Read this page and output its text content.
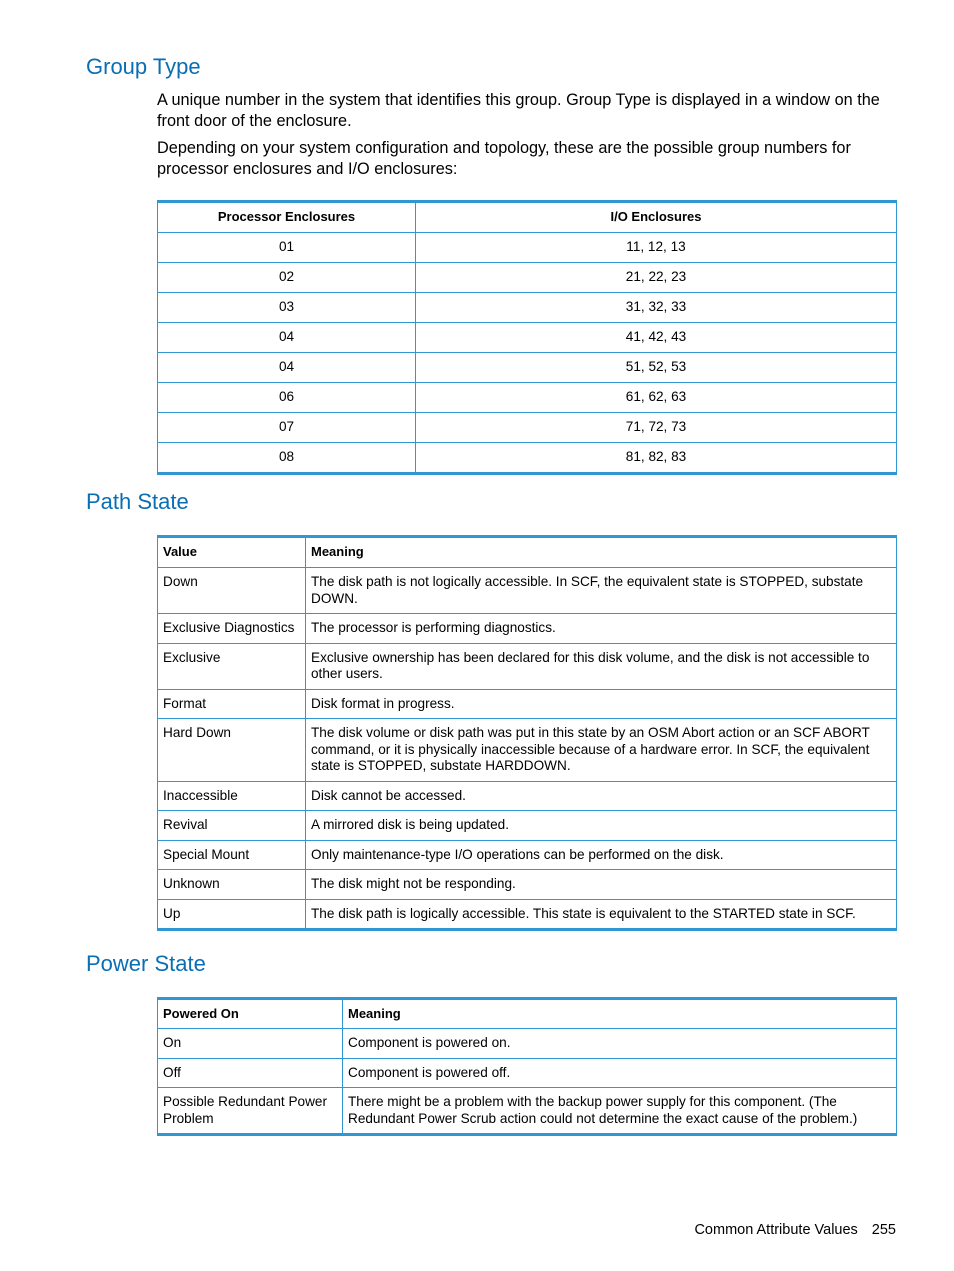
Group Type

A unique number in the system that identifies this group. Group Type is displayed in a window on the front door of the enclosure.

Depending on your system configuration and topology, these are the possible group numbers for processor enclosures and I/O enclosures:

Processor Enclosures	I/O Enclosures
01	11, 12, 13
02	21, 22, 23
03	31, 32, 33
04	41, 42, 43
04	51, 52, 53
06	61, 62, 63
07	71, 72, 73
08	81, 82, 83
Path State
Value	Meaning
Down	The disk path is not logically accessible. In SCF, the equivalent state is STOPPED, substate DOWN.
Exclusive Diagnostics	The processor is performing diagnostics.
Exclusive	Exclusive ownership has been declared for this disk volume, and the disk is not accessible to other users.
Format	Disk format in progress.
Hard Down	The disk volume or disk path was put in this state by an OSM Abort action or an SCF ABORT command, or it is physically inaccessible because of a hardware error. In SCF, the equivalent state is STOPPED, substate HARDDOWN.
Inaccessible	Disk cannot be accessed.
Revival	A mirrored disk is being updated.
Special Mount	Only maintenance-type I/O operations can be performed on the disk.
Unknown	The disk might not be responding.
Up	The disk path is logically accessible. This state is equivalent to the STARTED state in SCF.
Power State
Powered On	Meaning
On	Component is powered on.
Off	Component is powered off.
Possible Redundant Power Problem	There might be a problem with the backup power supply for this component. (The Redundant Power Scrub action could not determine the exact cause of the problem.)
Common Attribute Values 255
